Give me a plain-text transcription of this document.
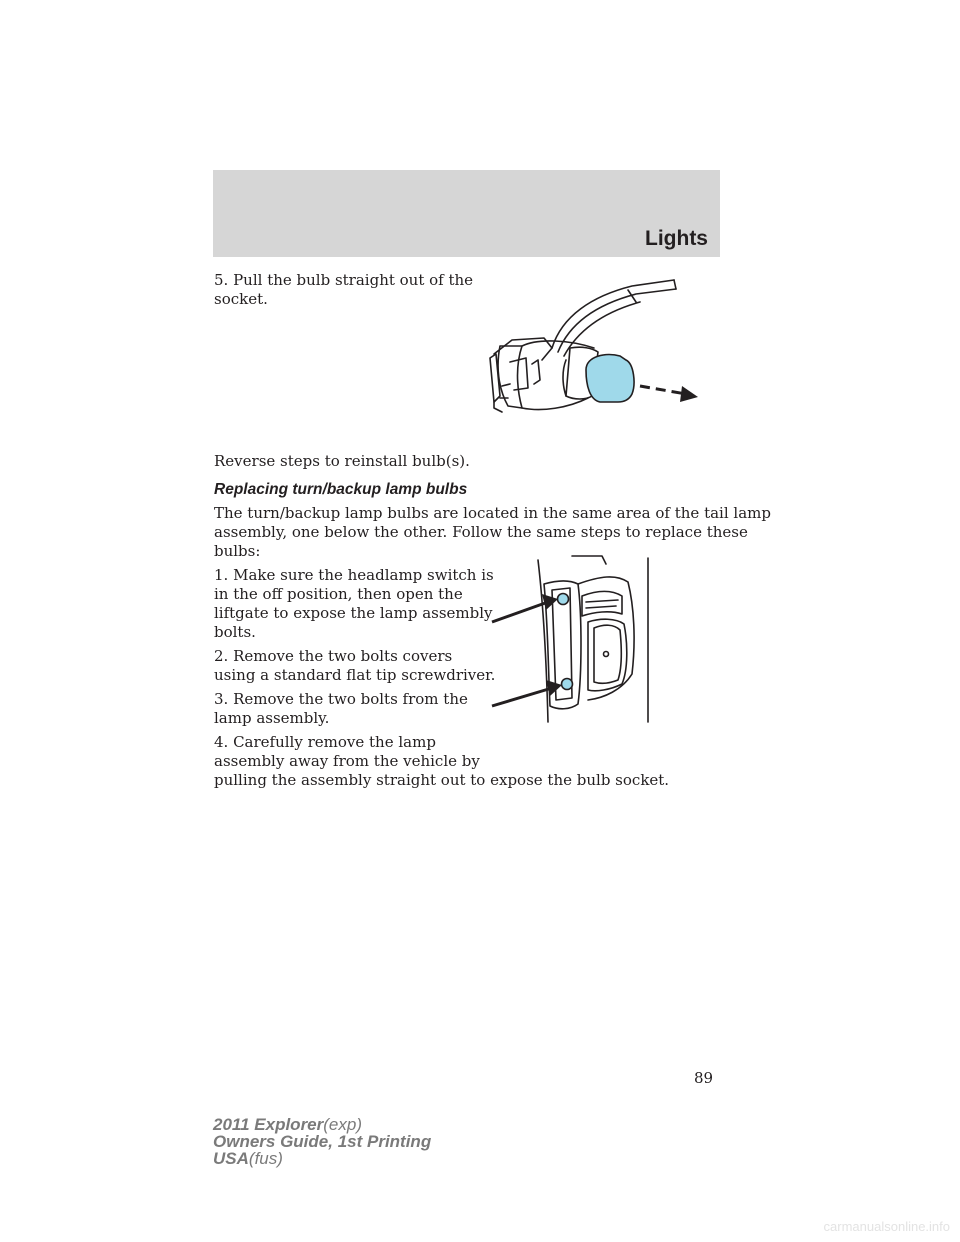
Lights

5. Pull the bulb straight out of the
socket.

Reverse steps to reinstall bulb(s).

Replacing turn/backup lamp bulbs

The turn/backup lamp bulbs are located in the same area of the tail lamp
assembly, one below the other. Follow the same steps to replace these
bulbs:

1. Make sure the headlamp switch is
in the off position, then open the
liftgate to expose the lamp assembly
bolts.

2. Remove the two bolts covers
using a standard flat tip screwdriver.

3. Remove the two bolts from the
lamp assembly.

4. Carefully remove the lamp
assembly away from the vehicle by
pulling the assembly straight out to expose the bulb socket.

89
2011 Explorer(exp)
Owners Guide, 1st Printing
USA(fus)
carmanualsonline.info
